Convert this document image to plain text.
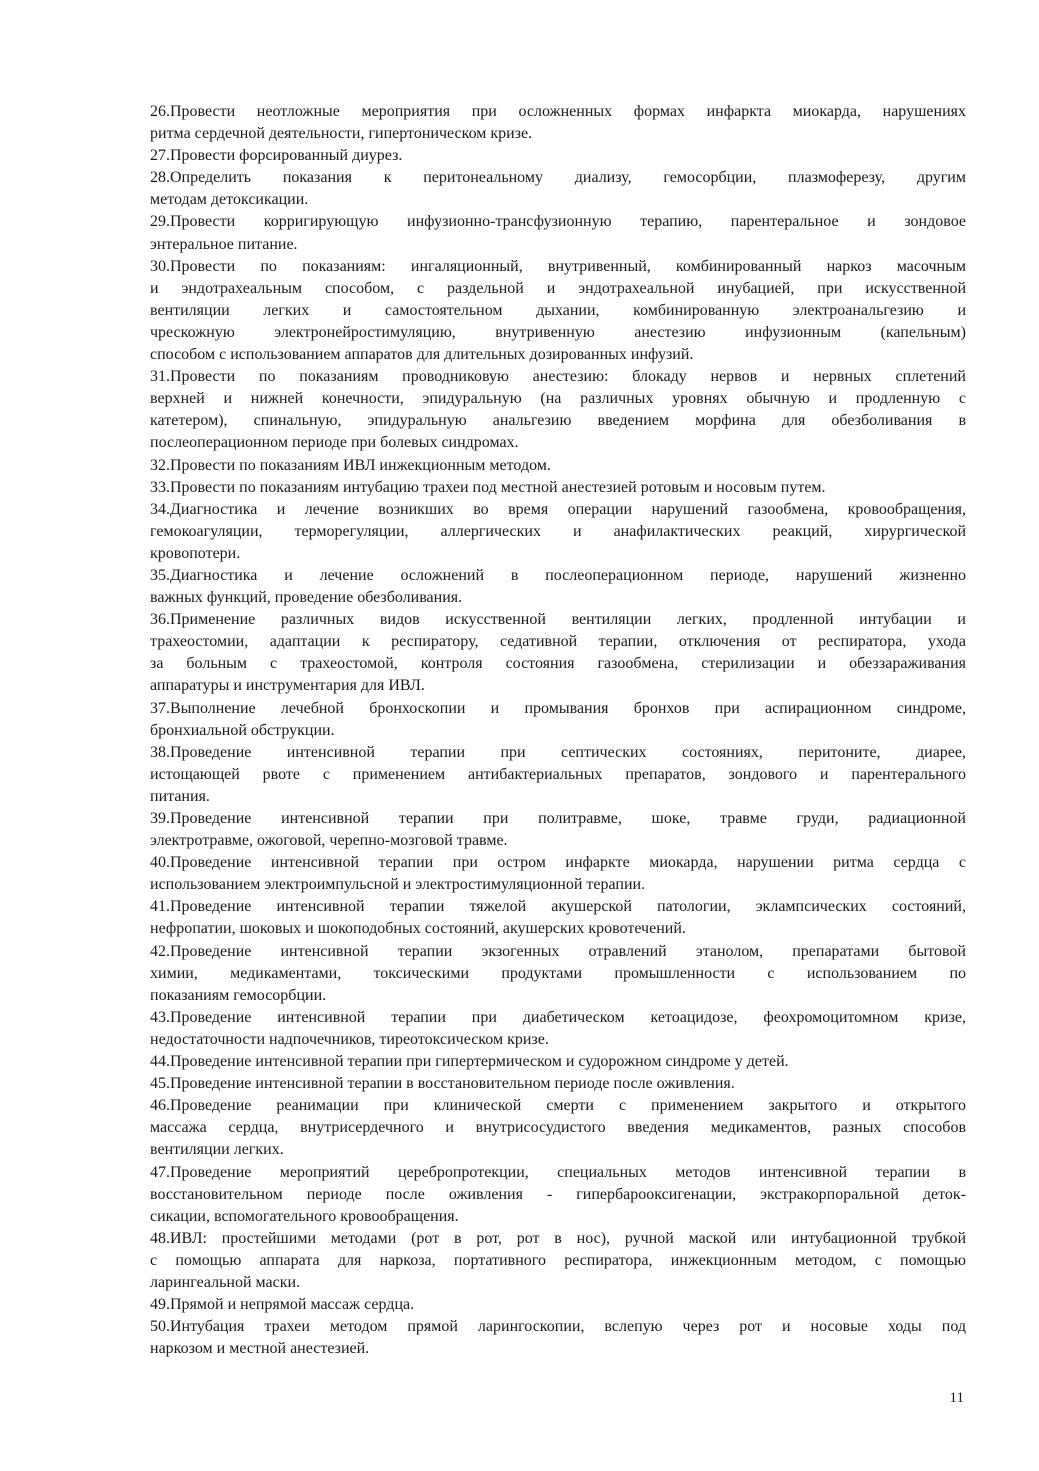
26.Провести неотложные мероприятия при осложненных формах инфаркта миокарда, нарушениях
ритма сердечной деятельности, гипертоническом кризе.

27.Провести форсированный диурез.

28.Определить показания к перитонеальному диализу, гемосорбции, плазмоферезу, другим
методам детоксикации.

29.Провести корригирующую инфузионно-трансфузионную терапию, парентеральное и зондовое
энтеральное питание.

30.Провести по показаниям: ингаляционный, внутривенный, комбинированный наркоз масочным
и эндотрахеальным способом, с раздельной и эндотрахеальной инубацией, при искусственной
вентиляции легких и самостоятельном дыхании, комбинированную электроанальгезию и
чрескожную электронейростимуляцию, внутривенную анестезию инфузионным (капельным)
способом с использованием аппаратов для длительных дозированных инфузий.

31.Провести по показаниям проводниковую анестезию: блокаду нервов и нервных сплетений
верхней и нижней конечности, эпидуральную (на различных уровнях обычную и продленную с
катетером), спинальную, эпидуральную анальгезию введением морфина для обезболивания в
послеоперационном периоде при болевых синдромах.

32.Провести по показаниям ИВЛ инжекционным методом.

33.Провести по показаниям интубацию трахеи под местной анестезией ротовым и носовым путем.

34.Диагностика и лечение возникших во время операции нарушений газообмена, кровообращения,
гемокоагуляции, терморегуляции, аллергических и анафилактических реакций, хирургической
кровопотери.

35.Диагностика и лечение осложнений в послеоперационном периоде, нарушений жизненно
важных функций, проведение обезболивания.

36.Применение различных видов искусственной вентиляции легких, продленной интубации и
трахеостомии, адаптации к респиратору, седативной терапии, отключения от респиратора, ухода
за больным с трахеостомой, контроля состояния газообмена, стерилизации и обеззараживания
аппаратуры и инструментария для ИВЛ.

37.Выполнение лечебной бронхоскопии и промывания бронхов при аспирационном синдроме,
бронхиальной обструкции.

38.Проведение интенсивной терапии при септических состояниях, перитоните, диарее,
истощающей рвоте с применением антибактериальных препаратов, зондового и парентерального
питания.

39.Проведение интенсивной терапии при политравме, шоке, травме груди, радиационной
электротравме, ожоговой, черепно-мозговой травме.

40.Проведение интенсивной терапии при остром инфаркте миокарда, нарушении ритма сердца с
использованием электроимпульсной и электростимуляционной терапии.

41.Проведение интенсивной терапии тяжелой акушерской патологии, эклампсических состояний,
нефропатии, шоковых и шокоподобных состояний, акушерских кровотечений.

42.Проведение интенсивной терапии экзогенных отравлений этанолом, препаратами бытовой
химии, медикаментами, токсическими продуктами промышленности с использованием по
показаниям гемосорбции.

43.Проведение интенсивной терапии при диабетическом кетоацидозе, феохромоцитомном кризе,
недостаточности надпочечников, тиреотоксическом кризе.

44.Проведение интенсивной терапии при гипертермическом и судорожном синдроме у детей.

45.Проведение интенсивной терапии в восстановительном периоде после оживления.

46.Проведение реанимации при клинической смерти с применением закрытого и открытого
массажа сердца, внутрисердечного и внутрисосудистого введения медикаментов, разных способов
вентиляции легких.

47.Проведение мероприятий церебропротекции, специальных методов интенсивной терапии в
восстановительном периоде после оживления - гипербарооксигенации, экстракорпоральной деток-
сикации, вспомогательного кровообращения.

48.ИВЛ: простейшими методами (рот в рот, рот в нос), ручной маской или интубационной трубкой
с помощью аппарата для наркоза, портативного респиратора, инжекционным методом, с помощью
ларингеальной маски.

49.Прямой и непрямой массаж сердца.

50.Интубация трахеи методом прямой ларингоскопии, вслепую через рот и носовые ходы под
наркозом и местной анестезией.

11
